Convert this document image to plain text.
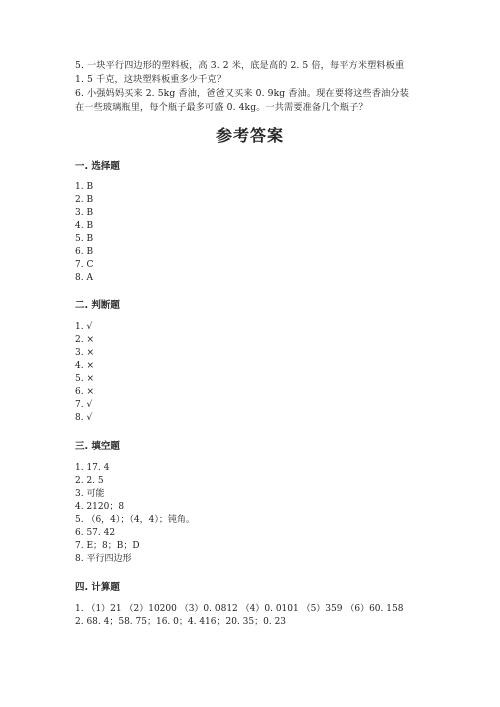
5. 一块平行四边形的塑料板，高 3. 2 米，底是高的 2. 5 倍，每平方米塑料板重
1. 5 千克，这块塑料板重多少千克？
6. 小强妈妈买来 2. 5kg 香油，爸爸又买来 0. 9kg 香油。现在要将这些香油分装
在一些玻璃瓶里，每个瓶子最多可盛 0. 4kg。一共需要准备几个瓶子？
参考答案
一. 选择题
1. B
2. B
3. B
4. B
5. B
6. B
7. C
8. A
二. 判断题
1. √
2. ×
3. ×
4. ×
5. ×
6. ×
7. √
8. √
三. 填空题
1. 17. 4
2. 2. 5
3. 可能
4. 2120；8
5. （6，4）；（4，4）；钝角。
6. 57. 42
7. E；8；B；D
8. 平行四边形
四. 计算题
1. （1）21 （2）10200 （3）0. 0812 （4）0. 0101 （5）359 （6）60. 158
2. 68. 4；58. 75；16. 0；4. 416；20. 35；0. 23
